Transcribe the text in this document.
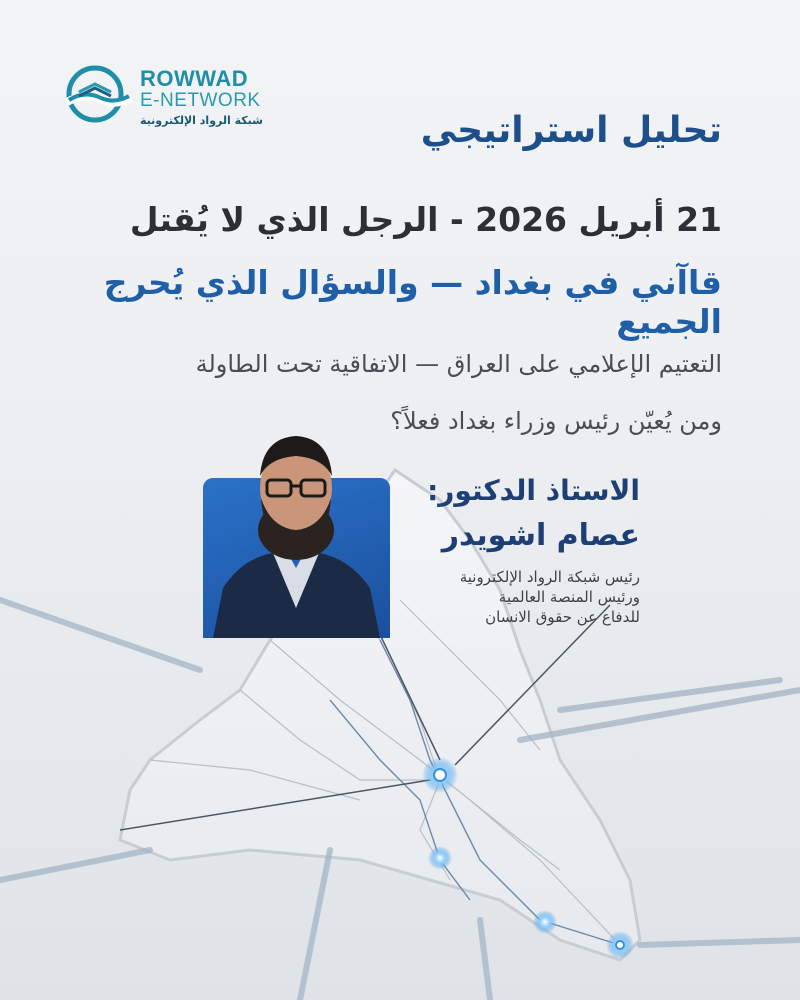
ROWWAD
E-NETWORK
شبكة الرواد الإلكترونية	تحليل استراتيجي
21 أبريل 2026 - الرجل الذي لا يُقتل
قاآني في بغداد — والسؤال الذي يُحرج الجميع
التعتيم الإعلامي على العراق — الاتفاقية تحت الطاولة
ومن يُعيّن رئيس وزراء بغداد فعلاً؟
الاستاذ الدكتور:
عصام اشويدر
رئيس شبكة الرواد الإلكترونية
ورئيس المنصة العالمية
للدفاع عن حقوق الانسان
